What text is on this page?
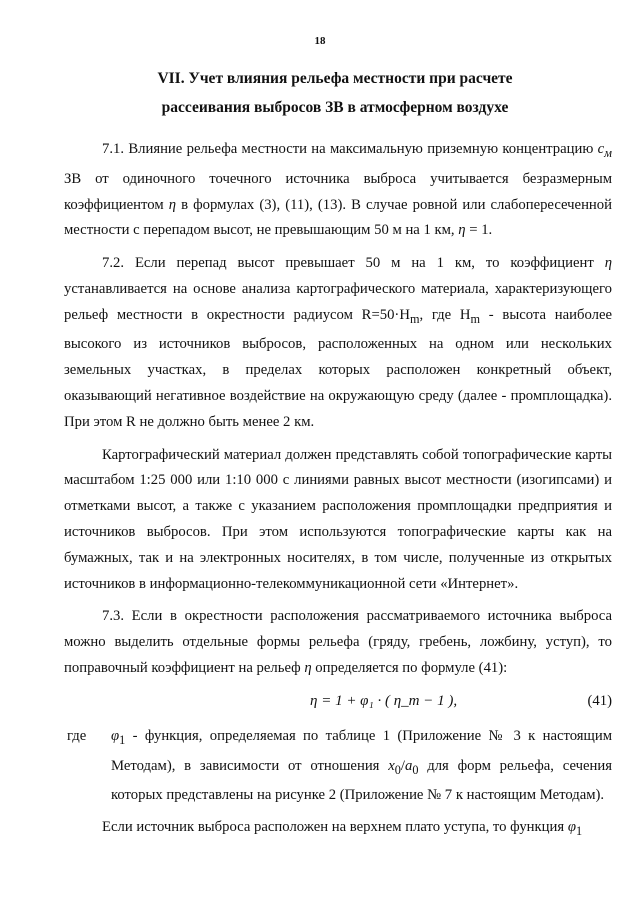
18
VII. Учет влияния рельефа местности при расчете
рассеивания выбросов ЗВ в атмосферном воздухе

7.1. Влияние рельефа местности на максимальную приземную концентрацию $c_м$ ЗВ от одиночного точечного источника выброса учитывается безразмерным коэффициентом η в формулах (3), (11), (13). В случае ровной или слабопересеченной местности с перепадом высот, не превышающим 50 м на 1 км, η = 1.

7.2. Если перепад высот превышает 50 м на 1 км, то коэффициент η устанавливается на основе анализа картографического материала, характеризующего рельеф местности в окрестности радиусом $R=50\cdot H_m$, где $H_m$ - высота наиболее высокого из источников выбросов, расположенных на одном или нескольких земельных участках, в пределах которых расположен конкретный объект, оказывающий негативное воздействие на окружающую среду (далее - промплощадка). При этом R не должно быть менее 2 км.

Картографический материал должен представлять собой топографические карты масштабом 1:25 000 или 1:10 000 с линиями равных высот местности (изогипсами) и отметками высот, а также с указанием расположения промплощадки предприятия и источников выбросов. При этом используются топографические карты как на бумажных, так и на электронных носителях, в том числе, полученные из открытых источников в информационно-телекоммуникационной сети «Интернет».

7.3. Если в окрестности расположения рассматриваемого источника выброса можно выделить отдельные формы рельефа (гряду, гребень, ложбину, уступ), то поправочный коэффициент на рельеф η определяется по формуле (41):

η = 1 + φ₁ · ( η_m − 1 ),	(41)
где $\varphi_1$ - функция, определяемая по таблице 1 (Приложение № 3 к настоящим Методам), в зависимости от отношения $x_0/a_0$ для форм рельефа, сечения которых представлены на рисунке 2 (Приложение № 7 к настоящим Методам).

Если источник выброса расположен на верхнем плато уступа, то функция $\varphi_1$
